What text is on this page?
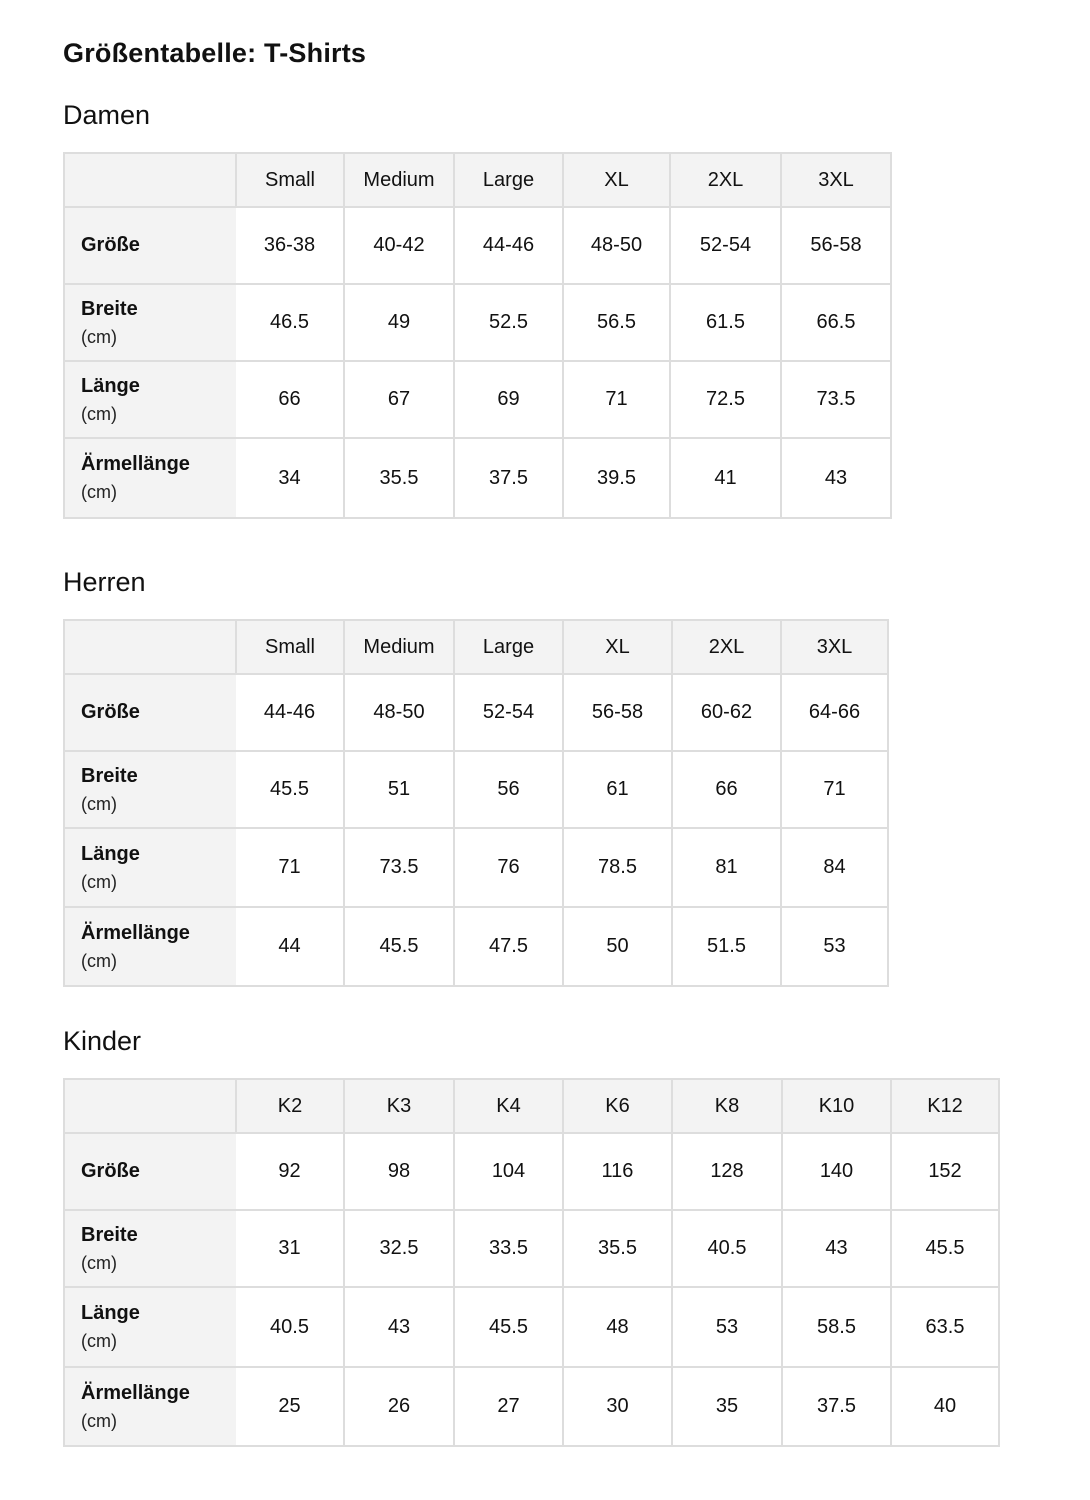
Größentabelle: T-Shirts
Damen
	Small	Medium	Large	XL	2XL	3XL

Größe	36-38	40-42	44-46	48-50	52-54	56-58

Breite
(cm)	46.5	49	52.5	56.5	61.5	66.5

Länge
(cm)	66	67	69	71	72.5	73.5

Ärmellänge
(cm)	34	35.5	37.5	39.5	41	43
Herren
	Small	Medium	Large	XL	2XL	3XL

Größe	44-46	48-50	52-54	56-58	60-62	64-66

Breite
(cm)	45.5	51	56	61	66	71

Länge
(cm)	71	73.5	76	78.5	81	84

Ärmellänge
(cm)	44	45.5	47.5	50	51.5	53
Kinder
	K2	K3	K4	K6	K8	K10	K12

Größe	92	98	104	116	128	140	152

Breite
(cm)	31	32.5	33.5	35.5	40.5	43	45.5

Länge
(cm)	40.5	43	45.5	48	53	58.5	63.5

Ärmellänge
(cm)	25	26	27	30	35	37.5	40
